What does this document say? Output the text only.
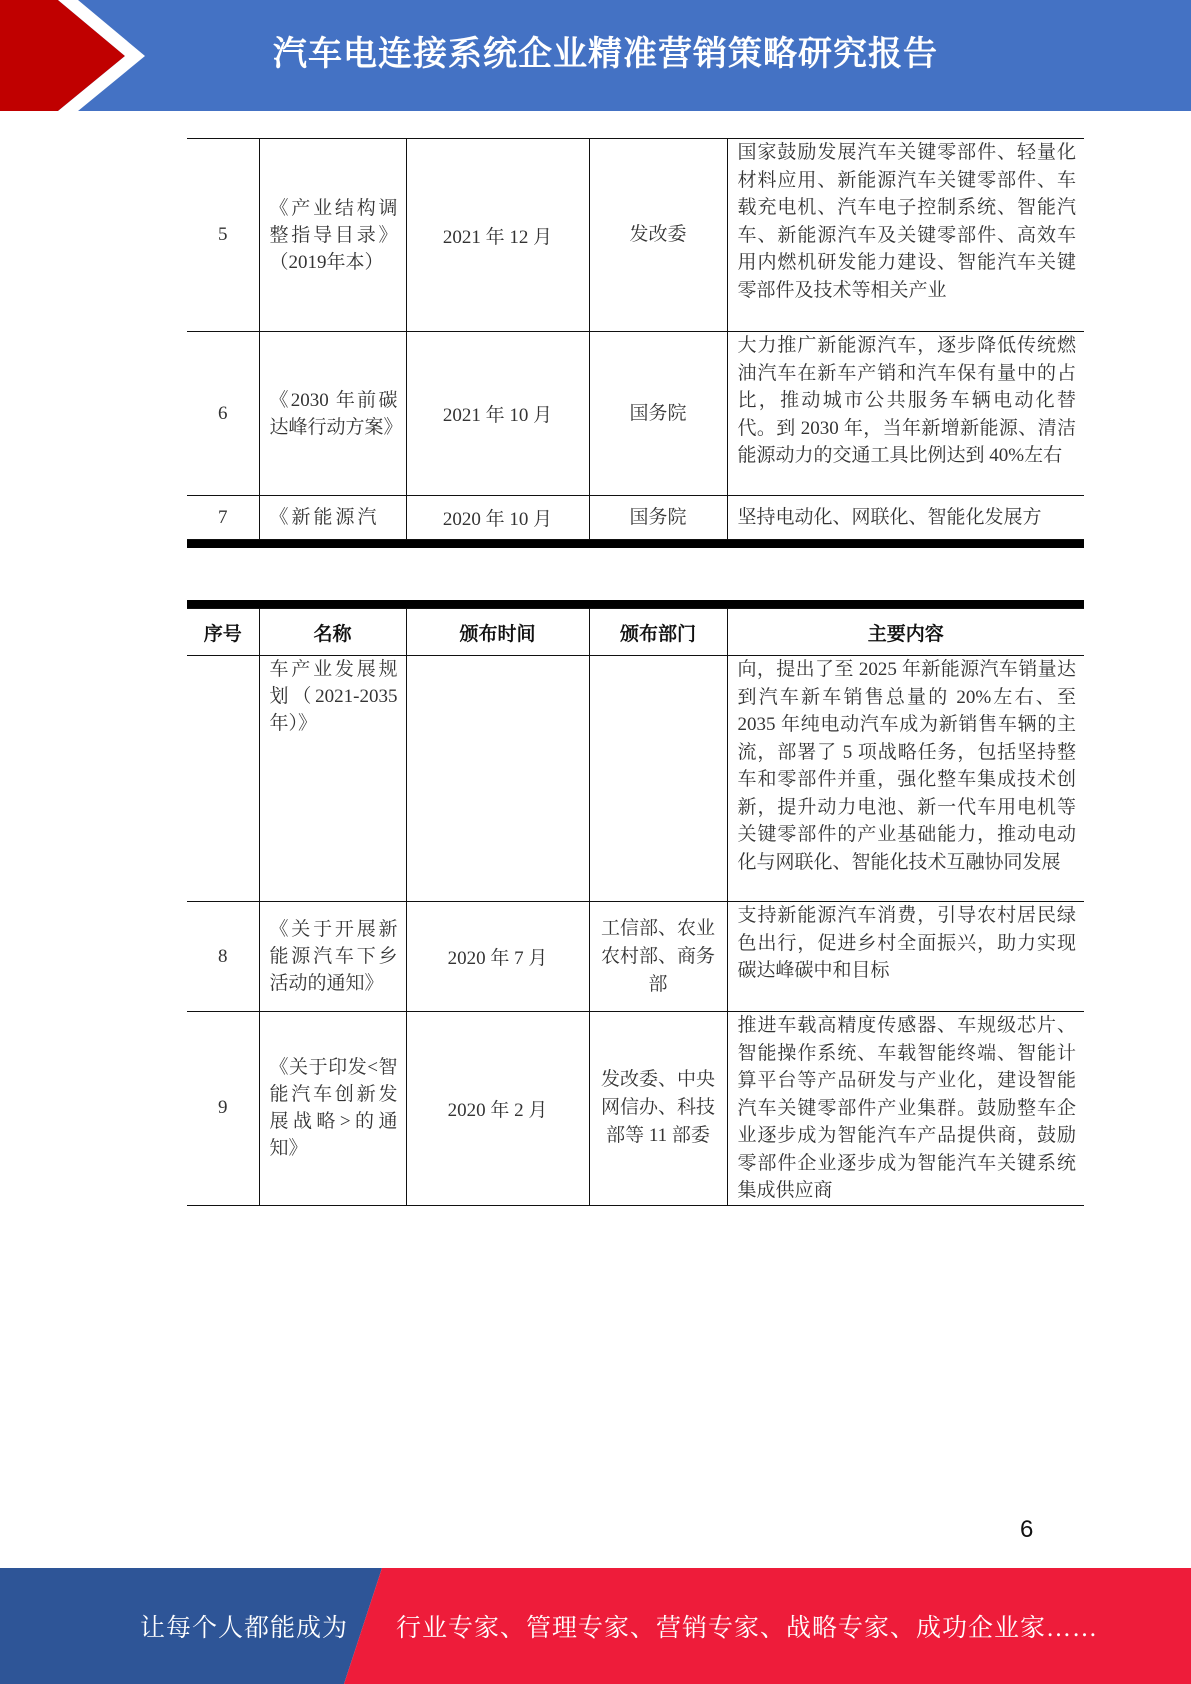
汽车电连接系统企业精准营销策略研究报告
5	《产业结构调整指导目录》（2019年本）	2021 年 12 月	发改委	国家鼓励发展汽车关键零部件、轻量化材料应用、新能源汽车关键零部件、车载充电机、汽车电子控制系统、智能汽车、新能源汽车及关键零部件、高效车用内燃机研发能力建设、智能汽车关键零部件及技术等相关产业
6	《2030 年前碳达峰行动方案》	2021 年 10 月	国务院	大力推广新能源汽车，逐步降低传统燃油汽车在新车产销和汽车保有量中的占比，推动城市公共服务车辆电动化替代。到 2030 年，当年新增新能源、清洁能源动力的交通工具比例达到 40%左右
7	《新能源汽	2020 年 10 月	国务院	坚持电动化、网联化、智能化发展方

序号	名称	颁布时间	颁布部门	主要内容
	车产业发展规划（2021-2035年）》			向，提出了至 2025 年新能源汽车销量达到汽车新车销售总量的 20%左右、至 2035 年纯电动汽车成为新销售车辆的主流，部署了 5 项战略任务，包括坚持整车和零部件并重，强化整车集成技术创新，提升动力电池、新一代车用电机等关键零部件的产业基础能力，推动电动化与网联化、智能化技术互融协同发展
8	《关于开展新能源汽车下乡活动的通知》	2020 年 7 月	工信部、农业农村部、商务部	支持新能源汽车消费，引导农村居民绿色出行，促进乡村全面振兴，助力实现碳达峰碳中和目标
9	《关于印发<智能汽车创新发展战略>的通知》	2020 年 2 月	发改委、中央网信办、科技部等 11 部委	推进车载高精度传感器、车规级芯片、智能操作系统、车载智能终端、智能计算平台等产品研发与产业化，建设智能汽车关键零部件产业集群。鼓励整车企业逐步成为智能汽车产品提供商，鼓励零部件企业逐步成为智能汽车关键系统集成供应商
6
让每个人都能成为 行业专家、管理专家、营销专家、战略专家、成功企业家……
